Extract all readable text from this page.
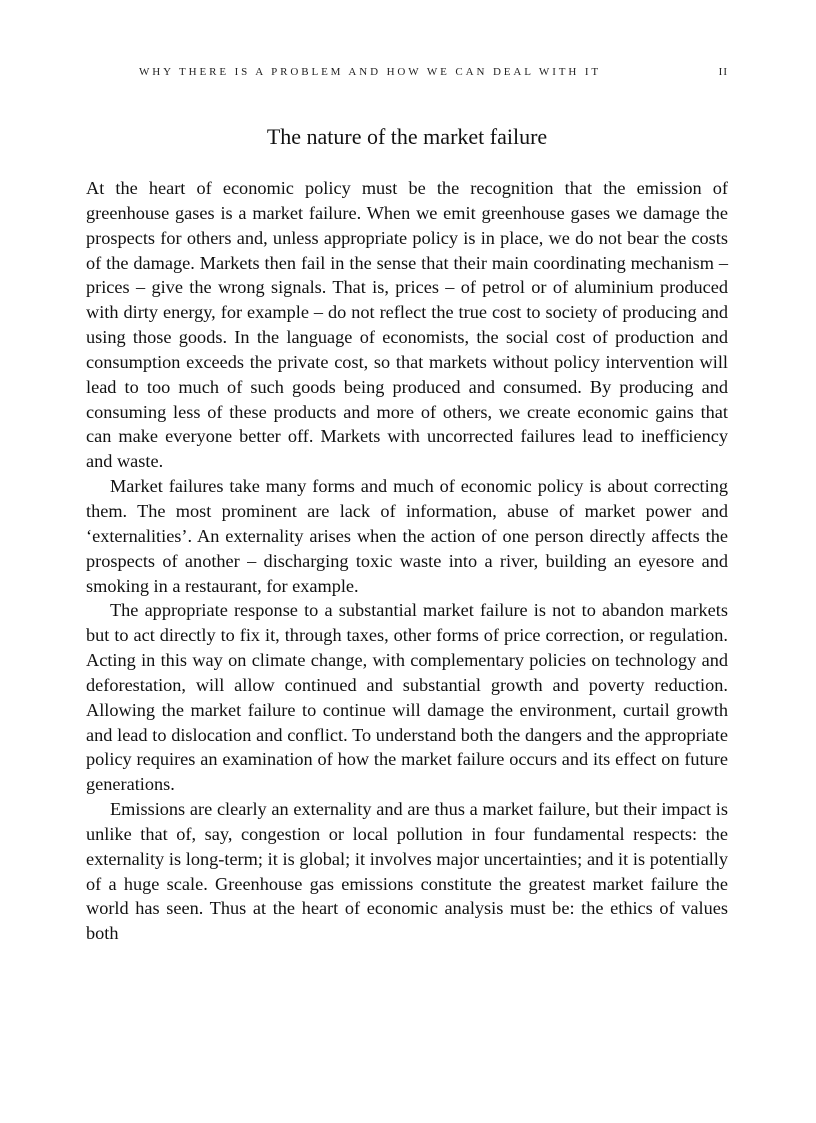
WHY THERE IS A PROBLEM AND HOW WE CAN DEAL WITH IT	II
The nature of the market failure

At the heart of economic policy must be the recognition that the emission of greenhouse gases is a market failure. When we emit greenhouse gases we damage the prospects for others and, unless appropriate policy is in place, we do not bear the costs of the damage. Markets then fail in the sense that their main coordinating mechanism – prices – give the wrong signals. That is, prices – of petrol or of aluminium produced with dirty energy, for example – do not reflect the true cost to society of producing and using those goods. In the language of economists, the social cost of production and consumption exceeds the private cost, so that markets without policy intervention will lead to too much of such goods being produced and consumed. By producing and consuming less of these products and more of others, we create economic gains that can make everyone better off. Markets with uncorrected failures lead to inefficiency and waste.

Market failures take many forms and much of economic policy is about correcting them. The most prominent are lack of information, abuse of market power and ‘externalities’. An externality arises when the action of one person directly affects the prospects of another – discharging toxic waste into a river, building an eyesore and smoking in a restaurant, for example.

The appropriate response to a substantial market failure is not to abandon markets but to act directly to fix it, through taxes, other forms of price correction, or regulation. Acting in this way on climate change, with complementary policies on technology and deforestation, will allow continued and substantial growth and poverty reduction. Allowing the market failure to continue will damage the environment, curtail growth and lead to dislocation and conflict. To understand both the dangers and the appropriate policy requires an examination of how the market failure occurs and its effect on future generations.

Emissions are clearly an externality and are thus a market failure, but their impact is unlike that of, say, congestion or local pollution in four fundamental respects: the externality is long-term; it is global; it involves major uncertainties; and it is potentially of a huge scale. Greenhouse gas emissions constitute the greatest market failure the world has seen. Thus at the heart of economic analysis must be: the ethics of values both
